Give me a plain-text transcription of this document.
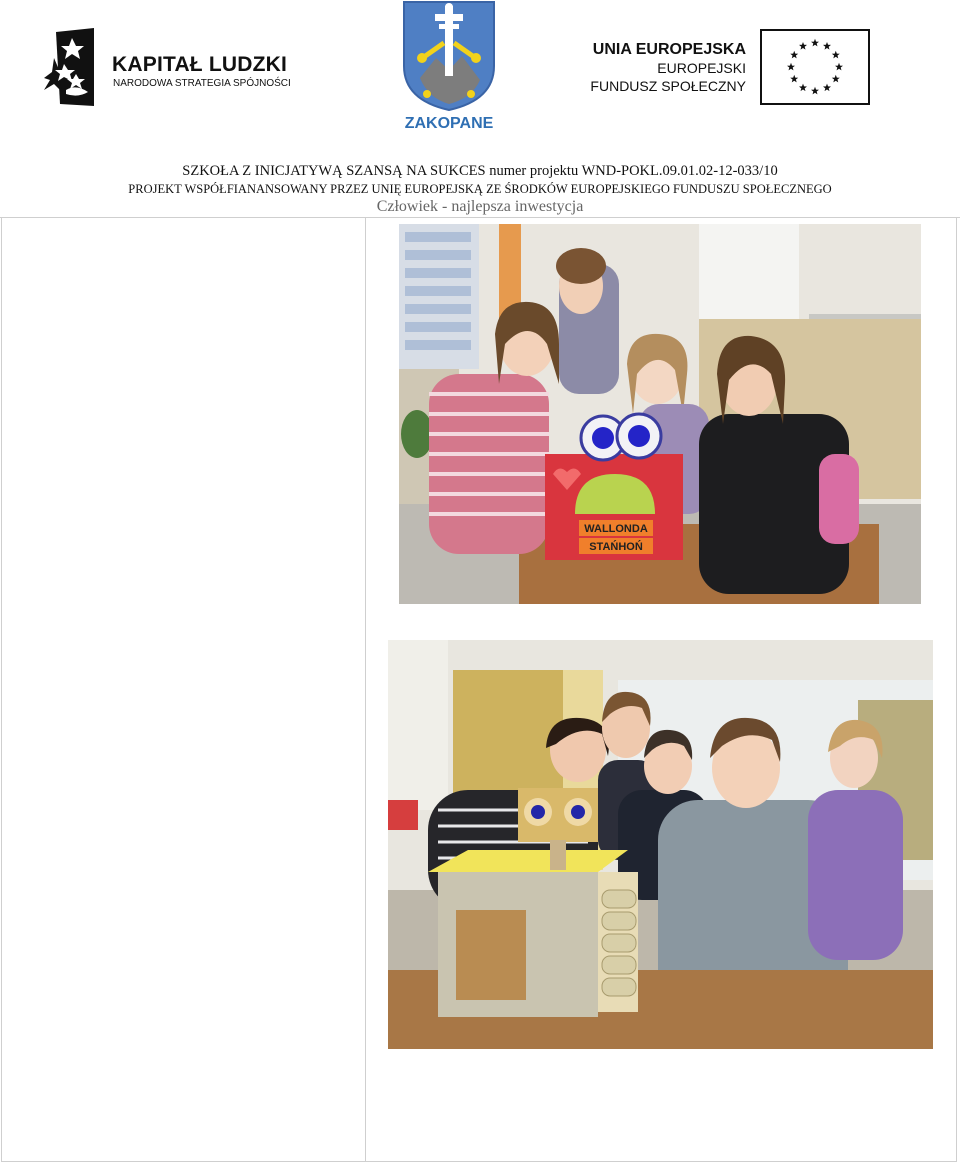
KAPITAŁ LUDZKI
NARODOWA STRATEGIA SPÓJNOŚCI
ZAKOPANE
UNIA EUROPEJSKA
EUROPEJSKI
FUNDUSZ SPOŁECZNY
SZKOŁA Z INICJATYWĄ SZANSĄ NA SUKCES numer projektu WND-POKL.09.01.02-12-033/10
PROJEKT WSPÓŁFIANANSOWANY PRZEZ UNIĘ EUROPEJSKĄ ZE ŚRODKÓW EUROPEJSKIEGO FUNDUSZU SPOŁECZNEGO
Człowiek - najlepsza inwestycja
WALLONDA
STAŃHOŃ
